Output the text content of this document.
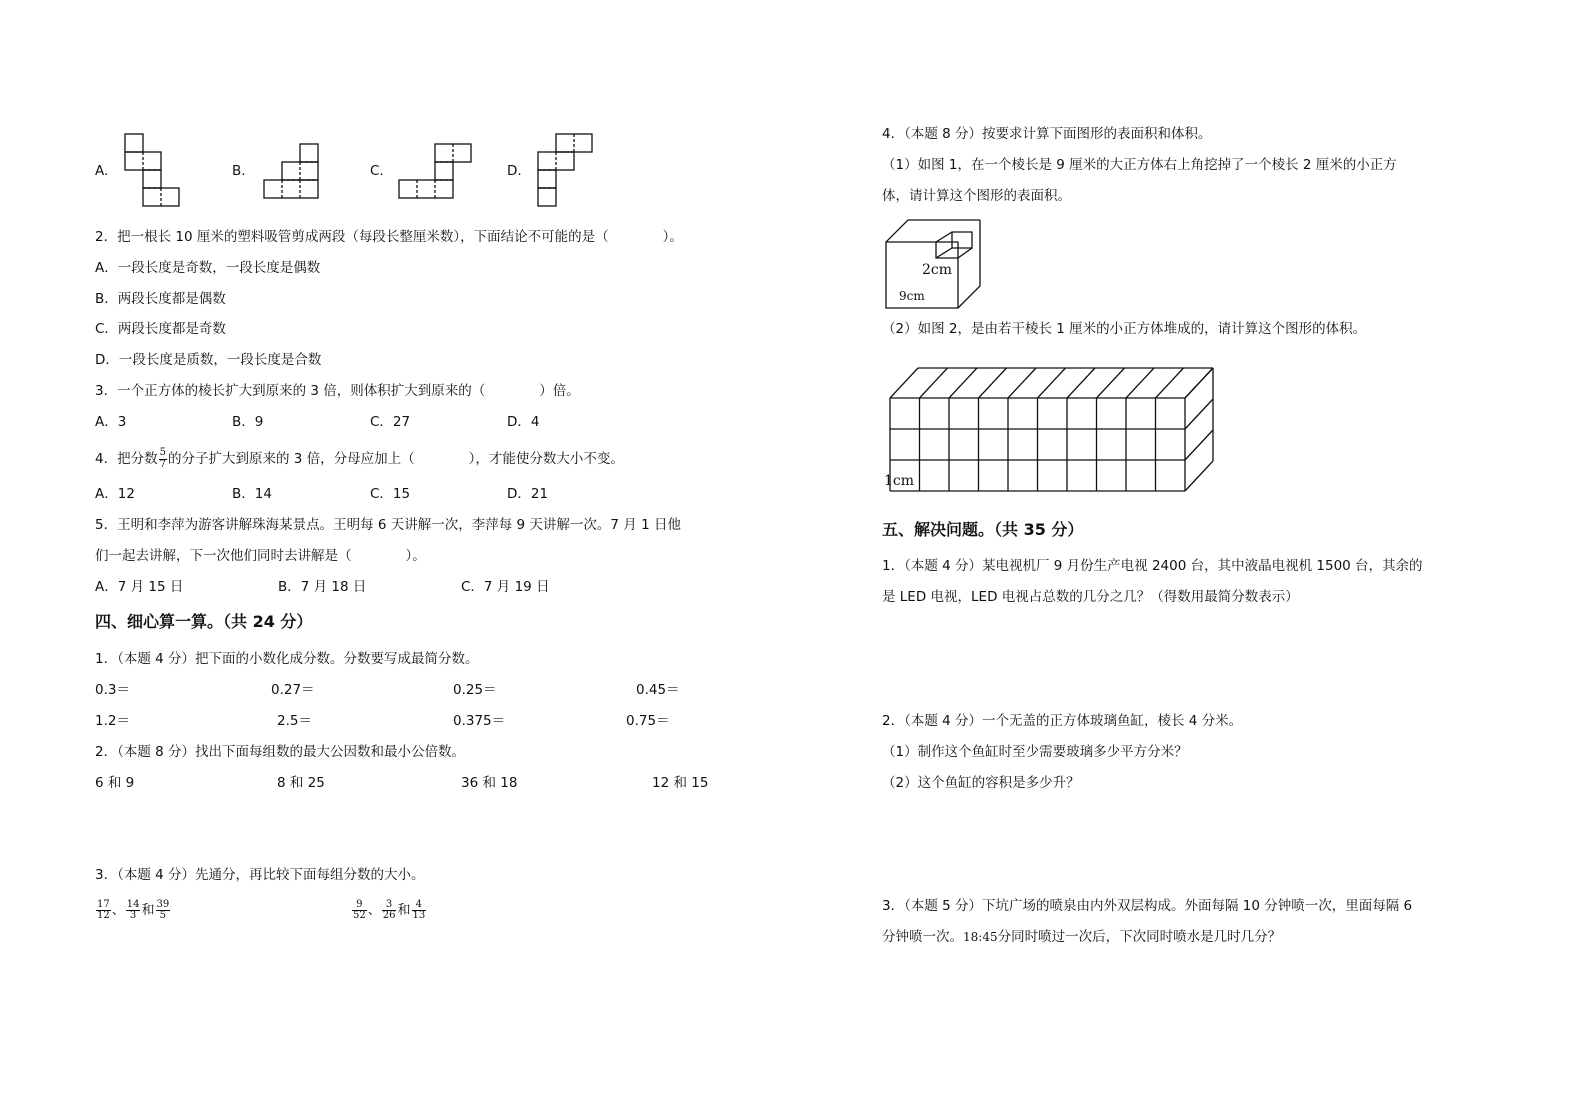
A.	B.	C.	D.
2．把一根长 10 厘米的塑料吸管剪成两段（每段长整厘米数），下面结论不可能的是（　　　　）。
A．一段长度是奇数，一段长度是偶数
B．两段长度都是偶数
C．两段长度都是奇数
D．一段长度是质数，一段长度是合数
3．一个正方体的棱长扩大到原来的 3 倍，则体积扩大到原来的（　　　　）倍。
A．3	B．9	C．27	D．4
4．把分数 $\frac{5}{7}$ 的分子扩大到原来的 3 倍，分母应加上（　　　　），才能使分数大小不变。
A．12	B．14	C．15	D．21
5．王明和李萍为游客讲解珠海某景点。王明每 6 天讲解一次，李萍每 9 天讲解一次。7 月 1 日他
们一起去讲解，下一次他们同时去讲解是（　　　　）。
A．7 月 15 日	B．7 月 18 日	C．7 月 19 日
四、细心算一算。（共 24 分）
1．（本题 4 分）把下面的小数化成分数。分数要写成最简分数。
0.3＝	0.27＝	0.25＝	0.45＝
1.2＝	2.5＝	0.375＝	0.75＝
2．（本题 8 分）找出下面每组数的最大公因数和最小公倍数。
6 和 9	8 和 25	36 和 18	12 和 15
3．（本题 4 分）先通分，再比较下面每组分数的大小。
$\frac{17}{12}$ 、 $\frac{14}{3}$ 和 $\frac{39}{5}$	$\frac{9}{52}$ 、 $\frac{3}{26}$ 和 $\frac{4}{13}$
4．（本题 8 分）按要求计算下面图形的表面积和体积。
（1）如图 1，在一个棱长是 9 厘米的大正方体右上角挖掉了一个棱长 2 厘米的小正方
体，请计算这个图形的表面积。
2cm
9cm
（2）如图 2，是由若干棱长 1 厘米的小正方体堆成的，请计算这个图形的体积。
1cm
五、解决问题。（共 35 分）
1．（本题 4 分）某电视机厂 9 月份生产电视 2400 台，其中液晶电视机 1500 台，其余的
是 LED 电视，LED 电视占总数的几分之几？（得数用最简分数表示）
2．（本题 4 分）一个无盖的正方体玻璃鱼缸，棱长 4 分米。
（1）制作这个鱼缸时至少需要玻璃多少平方分米？
（2）这个鱼缸的容积是多少升？
3．（本题 5 分）下坑广场的喷泉由内外双层构成。外面每隔 10 分钟喷一次，里面每隔 6
分钟喷一次。18:45分同时喷过一次后，下次同时喷水是几时几分？
